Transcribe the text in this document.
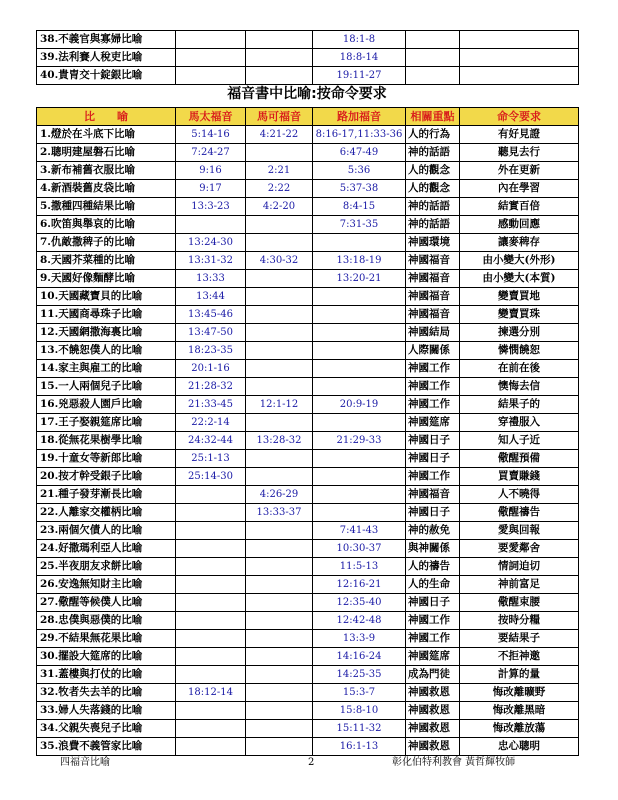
38.不義官與寡婦比喻			18:1-8		
39.法利賽人稅吏比喻			18:8-14		
40.貴胄交十錠銀比喻			19:11-27		
福音書中比喻:按命令要求
比　　喻	馬太福音	馬可福音	路加福音	相關重點	命令要求
1.燈於在斗底下比喻	5:14-16	4:21-22	8:16-17,11:33-36	人的行為	有好見證
2.聰明建屋磐石比喻	7:24-27		6:47-49	神的話語	聽見去行
3.新布補舊衣服比喻	9:16	2:21	5:36	人的觀念	外在更新
4.新酒裝舊皮袋比喻	9:17	2:22	5:37-38	人的觀念	內在學習
5.撒種四種結果比喻	13:3-23	4:2-20	8:4-15	神的話語	結實百倍
6.吹笛與舉哀的比喻			7:31-35	神的話語	感動回應
7.仇敵撒稗子的比喻	13:24-30			神國環境	讓麥稗存
8.天國芥菜種的比喻	13:31-32	4:30-32	13:18-19	神國福音	由小變大(外形)
9.天國好像麵酵比喻	13:33		13:20-21	神國福音	由小變大(本質)
10.天國藏寶貝的比喻	13:44			神國福音	變賣買地
11.天國商尋珠子比喻	13:45-46			神國福音	變賣買珠
12.天國網撒海裏比喻	13:47-50			神國結局	揀選分別
13.不饒恕僕人的比喻	18:23-35			人際關係	憐憫饒恕
14.家主與雇工的比喻	20:1-16			神國工作	在前在後
15.一人兩個兒子比喻	21:28-32			神國工作	懊悔去信
16.兇惡殺人園戶比喻	21:33-45	12:1-12	20:9-19	神國工作	結果子的
17.王子娶親筵席比喻	22:2-14			神國筵席	穿禮服入
18.從無花果樹學比喻	24:32-44	13:28-32	21:29-33	神國日子	知人子近
19.十童女等新郎比喻	25:1-13			神國日子	儆醒預備
20.按才幹受銀子比喻	25:14-30			神國工作	買賣賺錢
21.種子發芽漸長比喻		4:26-29		神國福音	人不曉得
22.人離家交權柄比喻		13:33-37		神國日子	儆醒禱告
23.兩個欠債人的比喻			7:41-43	神的赦免	愛與回報
24.好撒瑪利亞人比喻			10:30-37	與神關係	要愛鄰舍
25.半夜朋友求餅比喻			11:5-13	人的禱告	情詞迫切
26.安逸無知財主比喻			12:16-21	人的生命	神前富足
27.儆醒等候僕人比喻			12:35-40	神國日子	儆醒束腰
28.忠僕與惡僕的比喻			12:42-48	神國工作	按時分糧
29.不結果無花果比喻			13:3-9	神國工作	要結果子
30.擺設大筵席的比喻			14:16-24	神國筵席	不拒神邀
31.蓋樓與打仗的比喻			14:25-35	成為門徒	計算的量
32.牧者失去羊的比喻	18:12-14		15:3-7	神國救恩	悔改離曠野
33.婦人失落錢的比喻			15:8-10	神國救恩	悔改離黑暗
34.父親失喪兒子比喻			15:11-32	神國救恩	悔改離放蕩
35.浪費不義管家比喻			16:1-13	神國救恩	忠心聰明
四福音比喻	2	彰化伯特利教會 黃哲輝牧師
